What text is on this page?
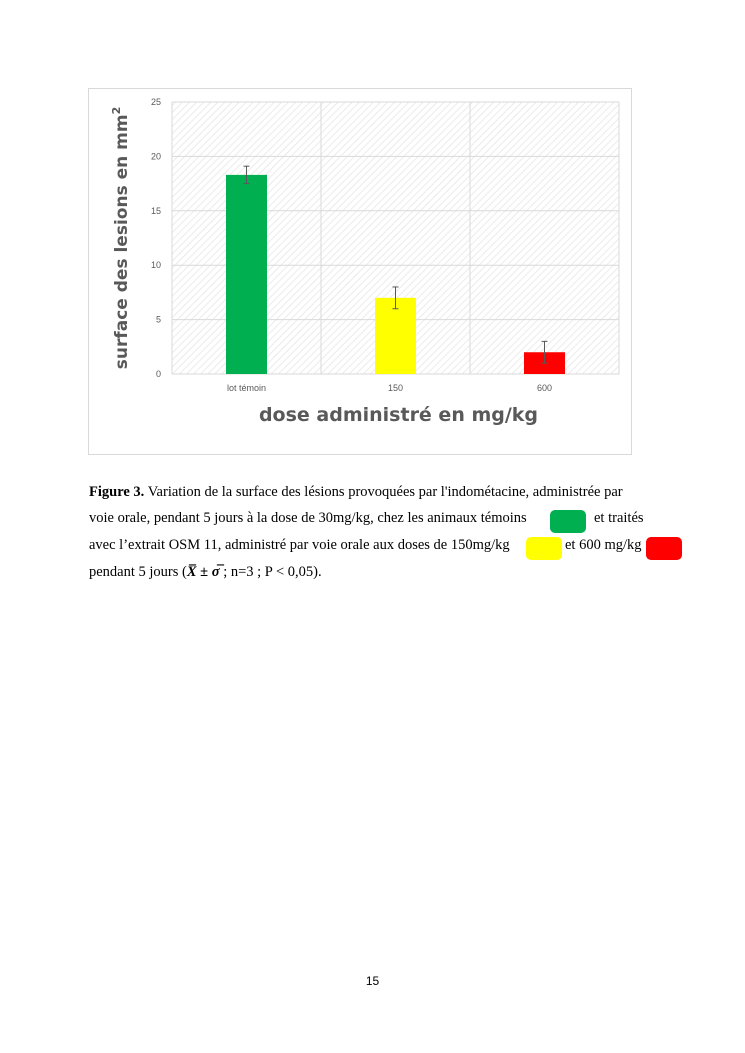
0
5
10
15
20
25
lot témoin	150	600
dose administré en mg/kg
surface des lesions en $mm^2$
Figure 3. Variation de la surface des lésions provoquées par l'indométacine, administrée par
voie orale, pendant 5 jours à la dose de 30mg/kg, chez les animaux témoins	et traités
avec l’extrait OSM 11, administré par voie orale aux doses de 150mg/kg	et 600 mg/kg
pendant 5 jours (X̅ ± σ̅ ; n=3 ; P < 0,05).
15
